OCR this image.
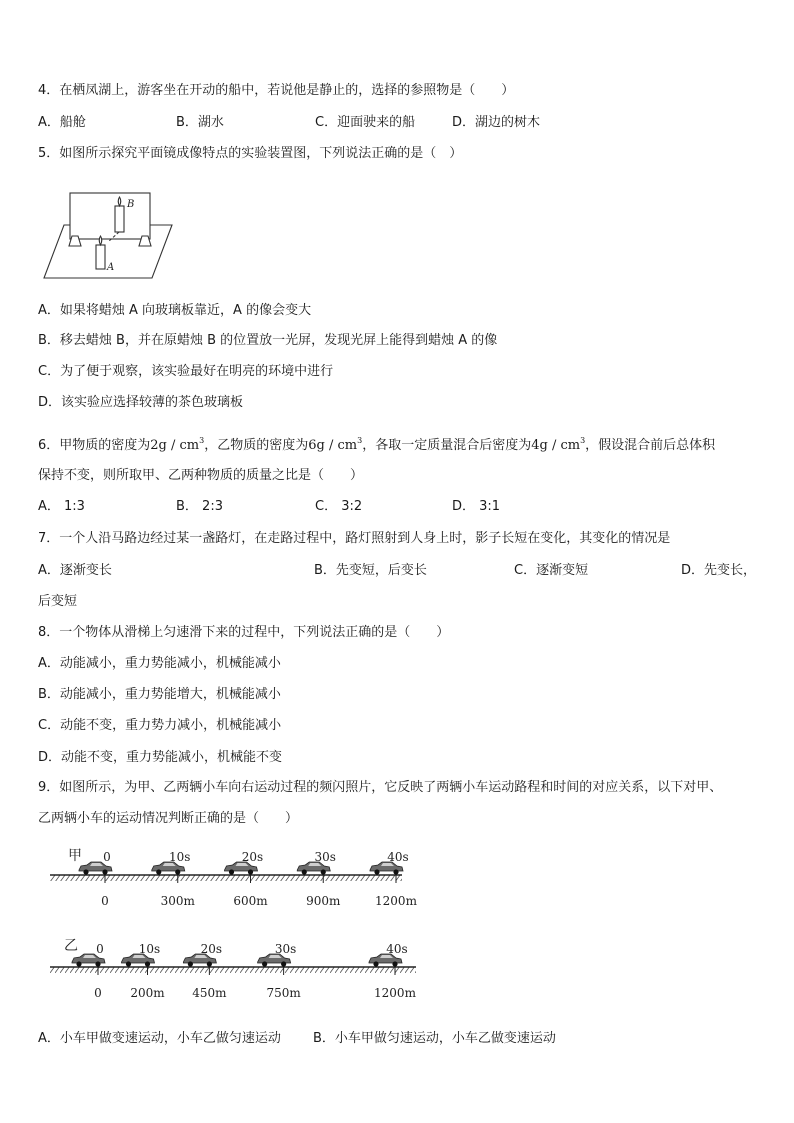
4．在栖凤湖上，游客坐在开动的船中，若说他是静止的，选择的参照物是（　　）
A．船舱	B．湖水	C．迎面驶来的船	D．湖边的树木
5．如图所示探究平面镜成像特点的实验装置图，下列说法正确的是（　）
B
A
A．如果将蜡烛 A 向玻璃板靠近，A 的像会变大
B．移去蜡烛 B，并在原蜡烛 B 的位置放一光屏，发现光屏上能得到蜡烛 A 的像
C．为了便于观察，该实验最好在明亮的环境中进行
D．该实验应选择较薄的茶色玻璃板
6．甲物质的密度为$2g / cm^3$，乙物质的密度为$6g / cm^3$，各取一定质量混合后密度为$4g / cm^3$，假设混合前后总体积
保持不变，则所取甲、乙两种物质的质量之比是（　　）
A． 1:3	B． 2:3	C． 3:2	D． 3:1
7．一个人沿马路边经过某一盏路灯，在走路过程中，路灯照射到人身上时，影子长短在变化，其变化的情况是
A．逐渐变长	B．先变短，后变长	C．逐渐变短	D．先变长，
后变短
8．一个物体从滑梯上匀速滑下来的过程中，下列说法正确的是（　　）
A．动能减小，重力势能减小，机械能减小
B．动能减小，重力势能增大，机械能减小
C．动能不变，重力势力减小，机械能减小
D．动能不变，重力势能减小，机械能不变
9．如图所示，为甲、乙两辆小车向右运动过程的频闪照片，它反映了两辆小车运动路程和时间的对应关系，以下对甲、
乙两辆小车的运动情况判断正确的是（　　）
甲 0
0
10s
300m
20s
600m
30s
900m
40s
1200m
乙 0
0
10s
200m
20s
450m
30s
750m
40s
1200m
A．小车甲做变速运动，小车乙做匀速运动 B．小车甲做匀速运动，小车乙做变速运动
